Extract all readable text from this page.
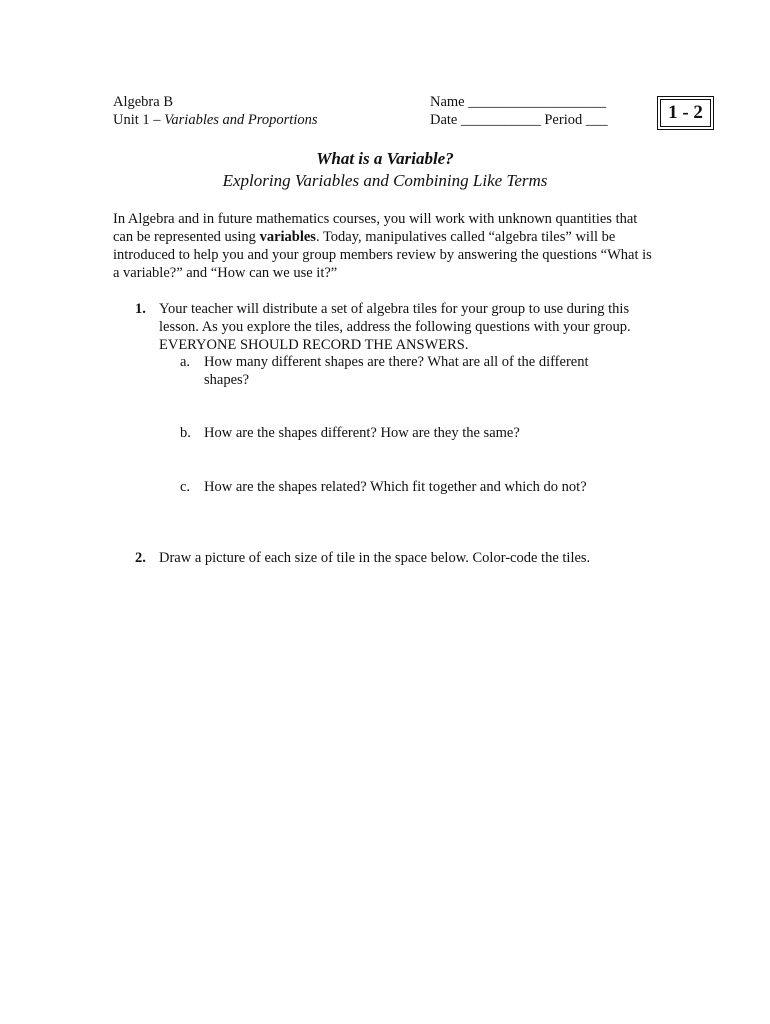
Algebra B
Unit 1 – Variables and Proportions
Name ___________________
Date ___________ Period ___	1 - 2
What is a Variable?
Exploring Variables and Combining Like Terms
In Algebra and in future mathematics courses, you will work with unknown quantities that can be represented using variables. Today, manipulatives called “algebra tiles” will be introduced to help you and your group members review by answering the questions “What is a variable?” and “How can we use it?”
1. Your teacher will distribute a set of algebra tiles for your group to use during this lesson. As you explore the tiles, address the following questions with your group. EVERYONE SHOULD RECORD THE ANSWERS.
a. How many different shapes are there? What are all of the different shapes?
b. How are the shapes different? How are they the same?
c. How are the shapes related? Which fit together and which do not?
2. Draw a picture of each size of tile in the space below. Color-code the tiles.
